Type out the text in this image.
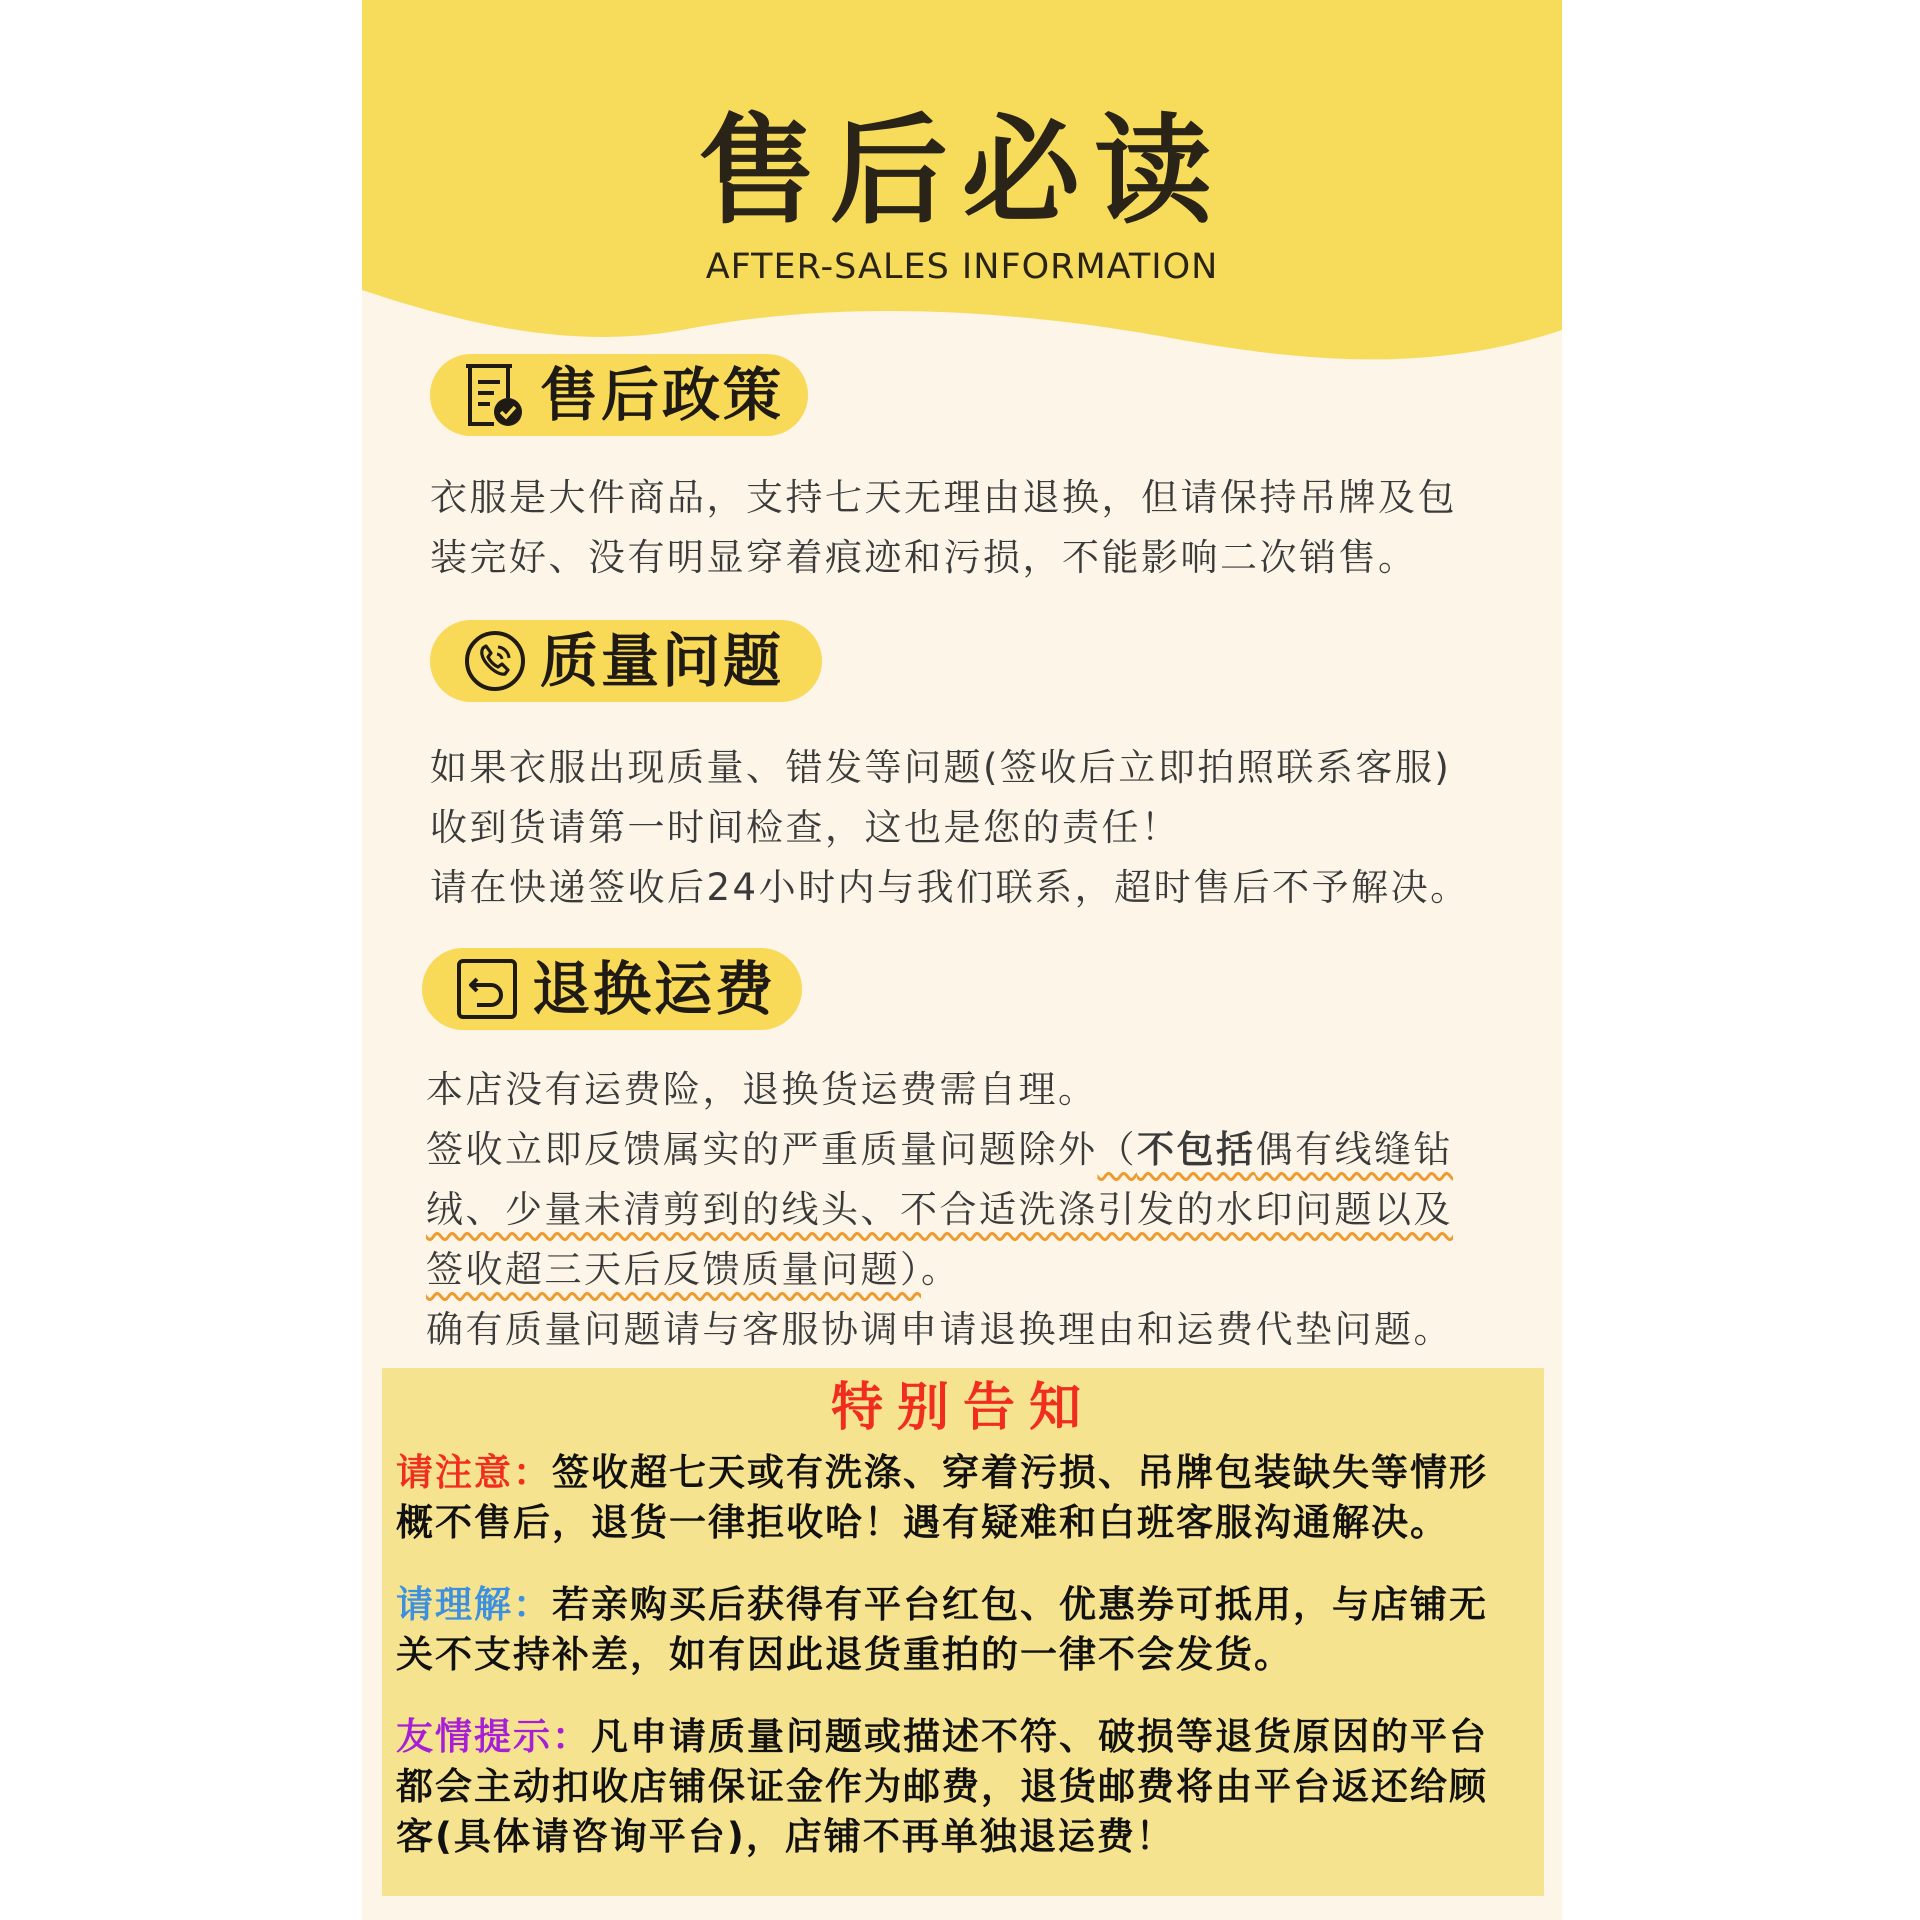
售后必读
AFTER-SALES INFORMATION
售后政策
衣服是大件商品，支持七天无理由退换，但请保持吊牌及包
装完好、没有明显穿着痕迹和污损，不能影响二次销售。
质量问题
如果衣服出现质量、错发等问题(签收后立即拍照联系客服)
收到货请第一时间检查，这也是您的责任！
请在快递签收后24小时内与我们联系，超时售后不予解决。
退换运费
本店没有运费险，退换货运费需自理。
签收立即反馈属实的严重质量问题除外（不包括偶有线缝钻
绒、少量未清剪到的线头、不合适洗涤引发的水印问题以及
签收超三天后反馈质量问题）。
确有质量问题请与客服协调申请退换理由和运费代垫问题。
特别告知
请注意：签收超七天或有洗涤、穿着污损、吊牌包装缺失等情形
概不售后，退货一律拒收哈！遇有疑难和白班客服沟通解决。
请理解：若亲购买后获得有平台红包、优惠券可抵用，与店铺无
关不支持补差，如有因此退货重拍的一律不会发货。
友情提示：凡申请质量问题或描述不符、破损等退货原因的平台
都会主动扣收店铺保证金作为邮费，退货邮费将由平台返还给顾
客(具体请咨询平台)，店铺不再单独退运费！
